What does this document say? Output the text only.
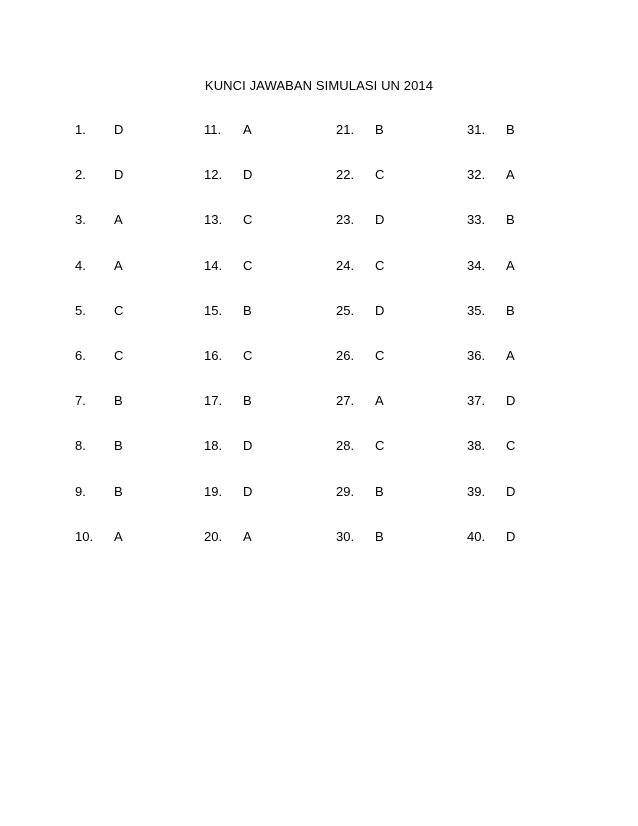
KUNCI JAWABAN SIMULASI UN 2014
1. D
2. D
3. A
4. A
5. C
6. C
7. B
8. B
9. B
10. A
11. A
12. D
13. C
14. C
15. B
16. C
17. B
18. D
19. D
20. A
21. B
22. C
23. D
24. C
25. D
26. C
27. A
28. C
29. B
30. B
31. B
32. A
33. B
34. A
35. B
36. A
37. D
38. C
39. D
40. D
